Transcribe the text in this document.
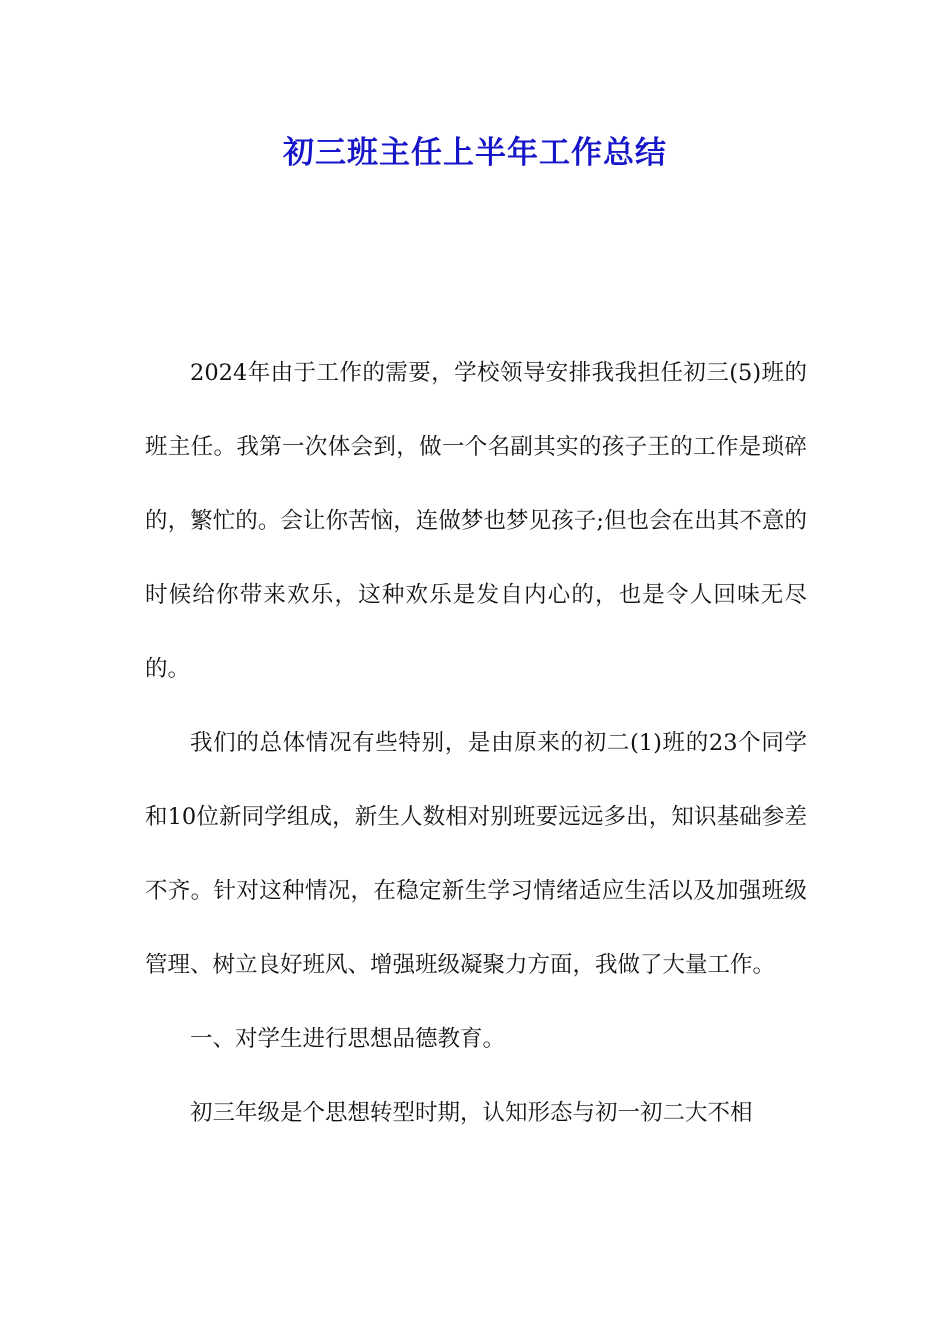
初三班主任上半年工作总结

2024年由于工作的需要，学校领导安排我我担任初三(5)班的班主任。我第一次体会到，做一个名副其实的孩子王的工作是琐碎的，繁忙的。会让你苦恼，连做梦也梦见孩子;但也会在出其不意的时候给你带来欢乐，这种欢乐是发自内心的，也是令人回味无尽的。

我们的总体情况有些特别，是由原来的初二(1)班的23个同学和10位新同学组成，新生人数相对别班要远远多出，知识基础参差不齐。针对这种情况，在稳定新生学习情绪适应生活以及加强班级管理、树立良好班风、增强班级凝聚力方面，我做了大量工作。

一、对学生进行思想品德教育。

初三年级是个思想转型时期，认知形态与初一初二大不相
